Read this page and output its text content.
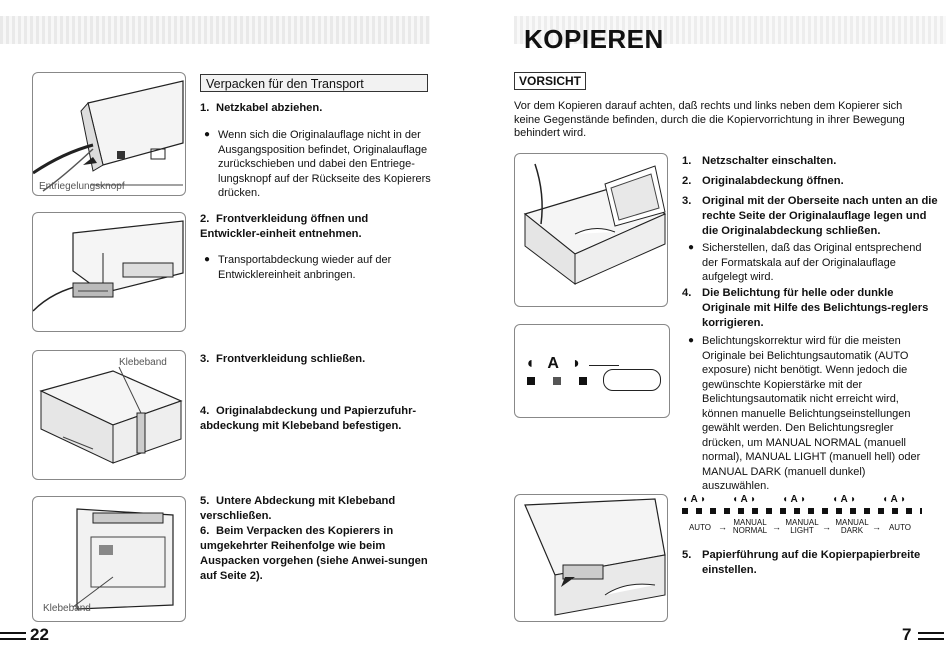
KOPIEREN
Verpacken für den Transport
Entriegelungsknopf
Klebeband
Klebeband
1. Netzkabel abziehen.
● Wenn sich die Originalauflage nicht in der Ausgangsposition befindet, Originalauflage zurückschieben und dabei den Entriege-lungsknopf auf der Rückseite des Kopierers drücken.
2. Frontverkleidung öffnen und Entwickler-einheit entnehmen.
● Transportabdeckung wieder auf der Entwicklereinheit anbringen.
3. Frontverkleidung schließen.
4. Originalabdeckung und Papierzufuhr-abdeckung mit Klebeband befestigen.
5. Untere Abdeckung mit Klebeband verschließen.
6. Beim Verpacken des Kopierers in umgekehrter Reihenfolge wie beim Auspacken vorgehen (siehe Anwei-sungen auf Seite 2).
22
VORSICHT
Vor dem Kopieren darauf achten, daß rechts und links neben dem Kopierer sich keine Gegenstände befinden, durch die die Kopiervorrichtung in ihrer Bewegung behindert wird.
1. Netzschalter einschalten.
2. Originalabdeckung öffnen.
3. Original mit der Oberseite nach unten an die rechte Seite der Originalauflage legen und die Originalabdeckung schließen.
● Sicherstellen, daß das Original entsprechend der Formatskala auf der Originalauflage aufgelegt wird.
4. Die Belichtung für helle oder dunkle Originale mit Hilfe des Belichtungs-reglers korrigieren.
● Belichtungskorrektur wird für die meisten Originale bei Belichtungsautomatik (AUTO exposure) nicht benötigt. Wenn jedoch die gewünschte Kopierstärke mit der Belichtungsautomatik nicht erreicht wird, können manuelle Belichtungseinstellungen gewählt werden. Den Belichtungsregler drücken, um MANUAL NORMAL (manuell normal), MANUAL LIGHT (manuell hell) oder MANUAL DARK (manuell dunkel) auszuwählen.
◖ A ◗
◖ A ◗	◖ A ◗	◖ A ◗	◖ A ◗	◖ A ◗
AUTO → MANUAL NORMAL → MANUAL LIGHT → MANUAL DARK → AUTO
5. Papierführung auf die Kopierpapierbreite einstellen.
7
